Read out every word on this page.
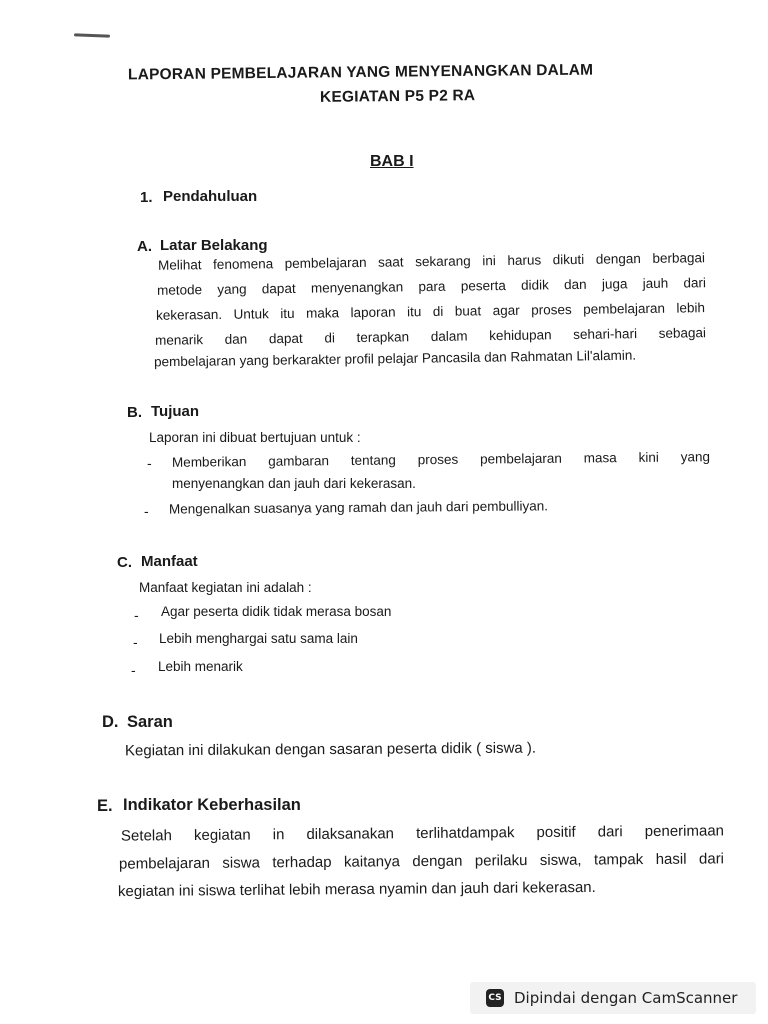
LAPORAN PEMBELAJARAN YANG MENYENANGKAN DALAM
KEGIATAN P5 P2 RA
BAB I
1. Pendahuluan
A. Latar Belakang
Melihat fenomena pembelajaran saat sekarang ini harus dikuti dengan berbagai
metode yang dapat menyenangkan para peserta didik dan juga jauh dari
kekerasan. Untuk itu maka laporan itu di buat agar proses pembelajaran lebih
menarik dan dapat di terapkan dalam kehidupan sehari-hari sebagai
pembelajaran yang berkarakter profil pelajar Pancasila dan Rahmatan Lil'alamin.
B. Tujuan
Laporan ini dibuat bertujuan untuk :
- Memberikan gambaran tentang proses pembelajaran masa kini yang
menyenangkan dan jauh dari kekerasan.
- Mengenalkan suasanya yang ramah dan jauh dari pembulliyan.
C. Manfaat
Manfaat kegiatan ini adalah :
- Agar peserta didik tidak merasa bosan
- Lebih menghargai satu sama lain
- Lebih menarik
D. Saran
Kegiatan ini dilakukan dengan sasaran peserta didik ( siswa ).
E. Indikator Keberhasilan
Setelah kegiatan in dilaksanakan terlihatdampak positif dari penerimaan
pembelajaran siswa terhadap kaitanya dengan perilaku siswa, tampak hasil dari
kegiatan ini siswa terlihat lebih merasa nyamin dan jauh dari kekerasan.
CS Dipindai dengan CamScanner
